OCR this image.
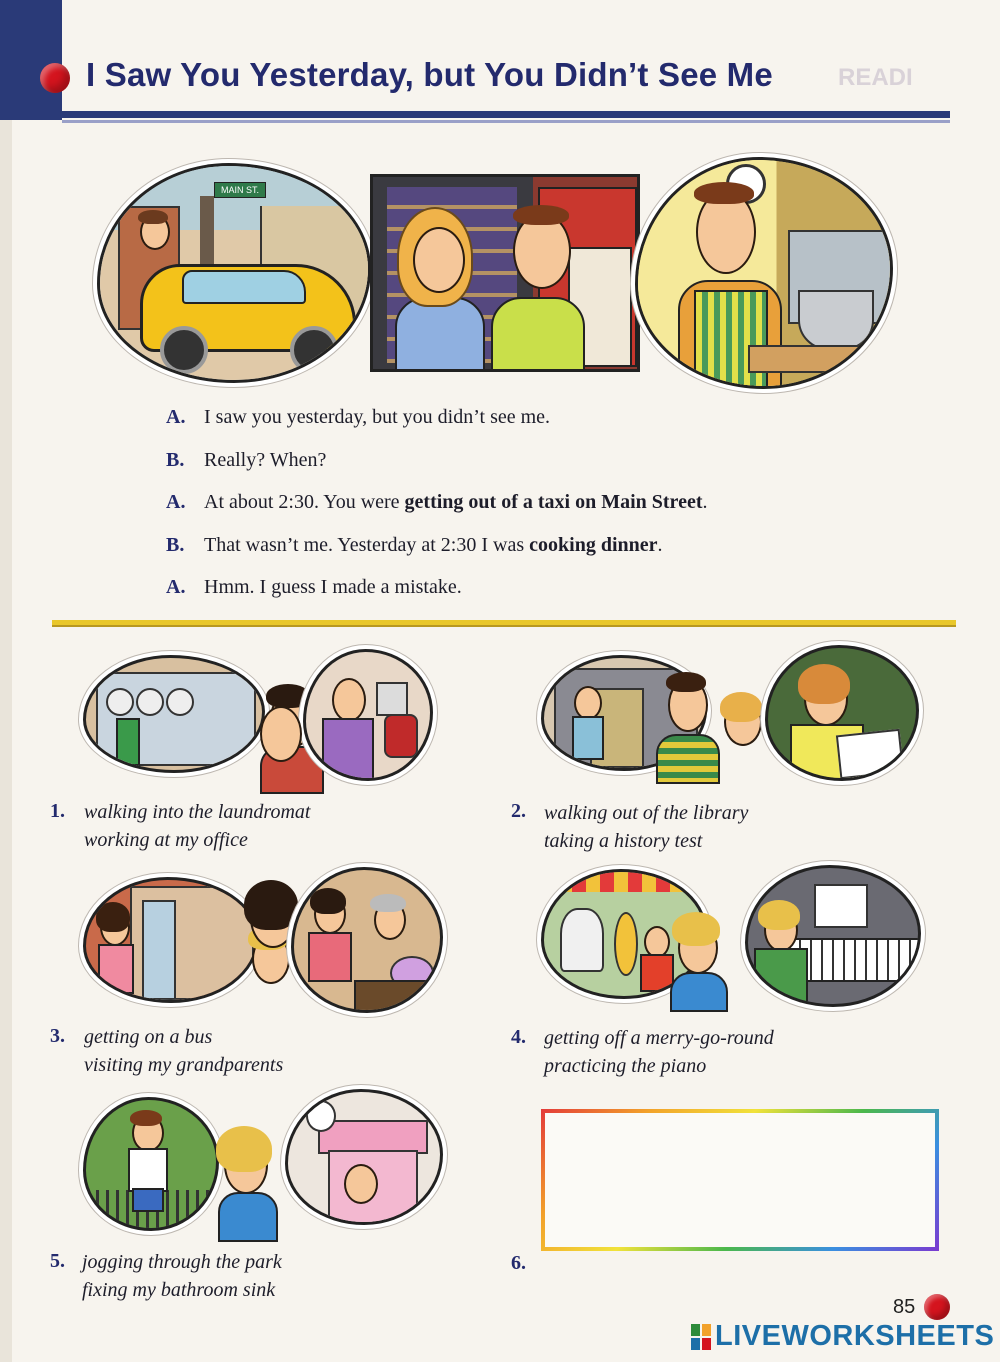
I Saw You Yesterday, but You Didn’t See Me	READI
MAIN ST.
A. I saw you yesterday, but you didn’t see me.
B. Really? When?
A. At about 2:30. You were getting out of a taxi on Main Street.
B. That wasn’t me. Yesterday at 2:30 I was cooking dinner.
A. Hmm. I guess I made a mistake.
1. walking into the laundromat
working at my office
2. walking out of the library
taking a history test
3. getting on a bus
visiting my grandparents
4. getting off a merry-go-round
practicing the piano
5. jogging through the park
fixing my bathroom sink
6.
85
LIVEWORKSHEETS
